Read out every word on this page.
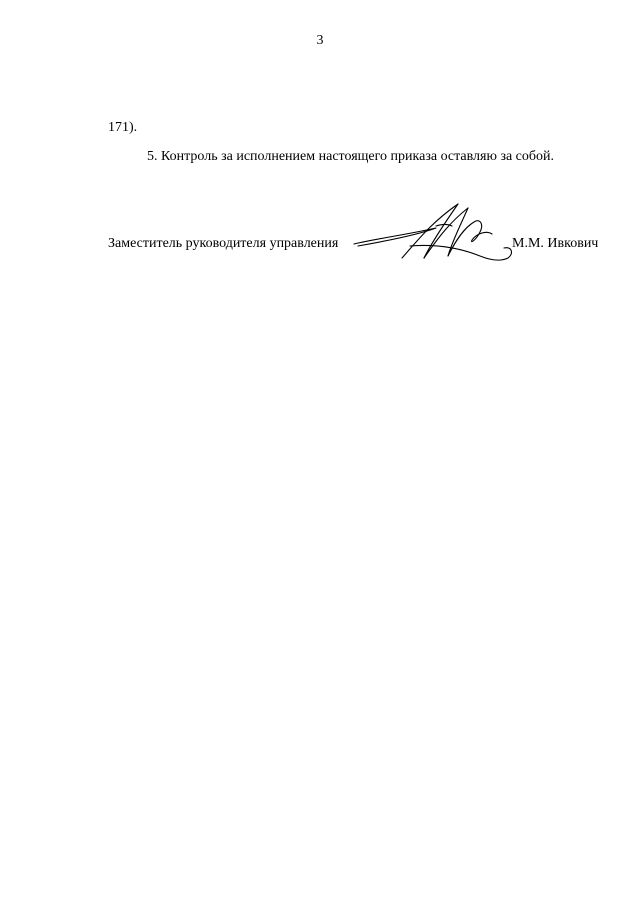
3
171).
5. Контроль за исполнением настоящего приказа оставляю за собой.
Заместитель руководителя управления	М.М. Ивкович
